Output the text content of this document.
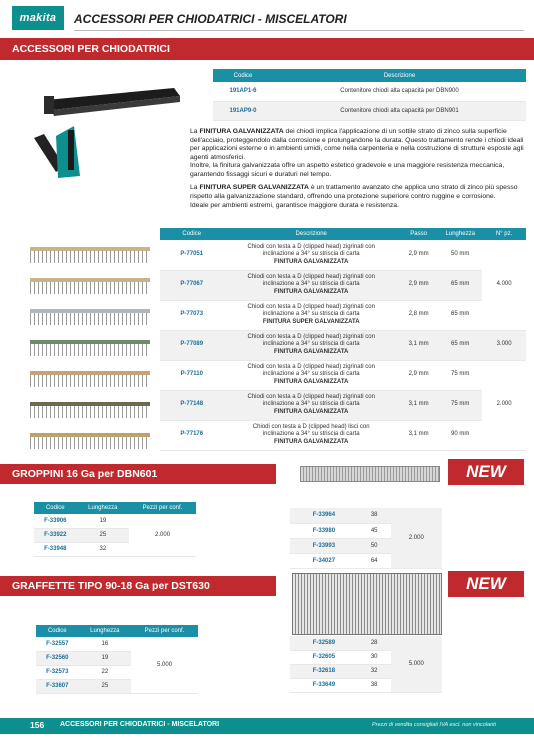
makita	ACCESSORI PER CHIODATRICI - MISCELATORI
ACCESSORI PER CHIODATRICI
Codice	Descrizione
191AP1-6	Contenitore chiodi alta capacità per DBN900
191AP9-0	Contenitore chiodi alta capacità per DBN901

La FINITURA GALVANIZZATA dei chiodi implica l'applicazione di un sottile strato di zinco sulla superficie dell'acciaio, proteggendolo dalla corrosione e prolungandone la durata. Questo trattamento rende i chiodi ideali per applicazioni esterne o in ambienti umidi, come nella carpenteria e nella costruzione di strutture esposte agli agenti atmosferici.
Inoltre, la finitura galvanizzata offre un aspetto estetico gradevole e una maggiore resistenza meccanica, garantendo fissaggi sicuri e duraturi nel tempo.

La FINITURA SUPER GALVANIZZATA è un trattamento avanzato che applica uno strato di zinco più spesso rispetto alla galvanizzazione standard, offrendo una protezione superiore contro ruggine e corrosione.
Ideale per ambienti estremi, garantisce maggiore durata e resistenza.

Codice	Descrizione	Passo	Lunghezza	N° pz.
P-77051	Chiodi con testa a D (clipped head) zigrinati con
inclinazione a 34° su striscia di carta
FINITURA GALVANIZZATA	2,9 mm	50 mm	4.000
P-77067	Chiodi con testa a D (clipped head) zigrinati con
inclinazione a 34° su striscia di carta
FINITURA GALVANIZZATA	2,9 mm	65 mm	
P-77073	Chiodi con testa a D (clipped head) zigrinati con
inclinazione a 34° su striscia di carta
FINITURA SUPER GALVANIZZATA	2,8 mm	65 mm	
P-77089	Chiodi con testa a D (clipped head) zigrinati con
inclinazione a 34° su striscia di carta
FINITURA GALVANIZZATA	3,1 mm	65 mm	3.000
P-77110	Chiodi con testa a D (clipped head) zigrinati con
inclinazione a 34° su striscia di carta
FINITURA GALVANIZZATA	2,9 mm	75 mm	2.000
P-77148	Chiodi con testa a D (clipped head) zigrinati con
inclinazione a 34° su striscia di carta
FINITURA GALVANIZZATA	3,1 mm	75 mm	
P-77176	Chiodi con testa a D (clipped head) lisci con
inclinazione a 34° su striscia di carta
FINITURA GALVANIZZATA	3,1 mm	90 mm	
GROPPINI 16 Ga per DBN601	NEW
Codice	Lunghezza	Pezzi per conf.
F-33906	19	2.000
F-33922	25	
F-33948	32	
F-33964	38	2.000
F-33980	45	
F-33993	50	
F-34027	64	
GRAFFETTE TIPO 90-18 Ga per DST630	NEW
Codice	Lunghezza	Pezzi per conf.
F-32557	16	5.000
F-32560	19	
F-32573	22	
F-33607	25	
F-32589	28	5.000
F-32605	30	
F-32618	32	
F-33649	38	
156 ACCESSORI PER CHIODATRICI - MISCELATORI	Prezzi di vendita consigliati IVA escl. non vincolanti
